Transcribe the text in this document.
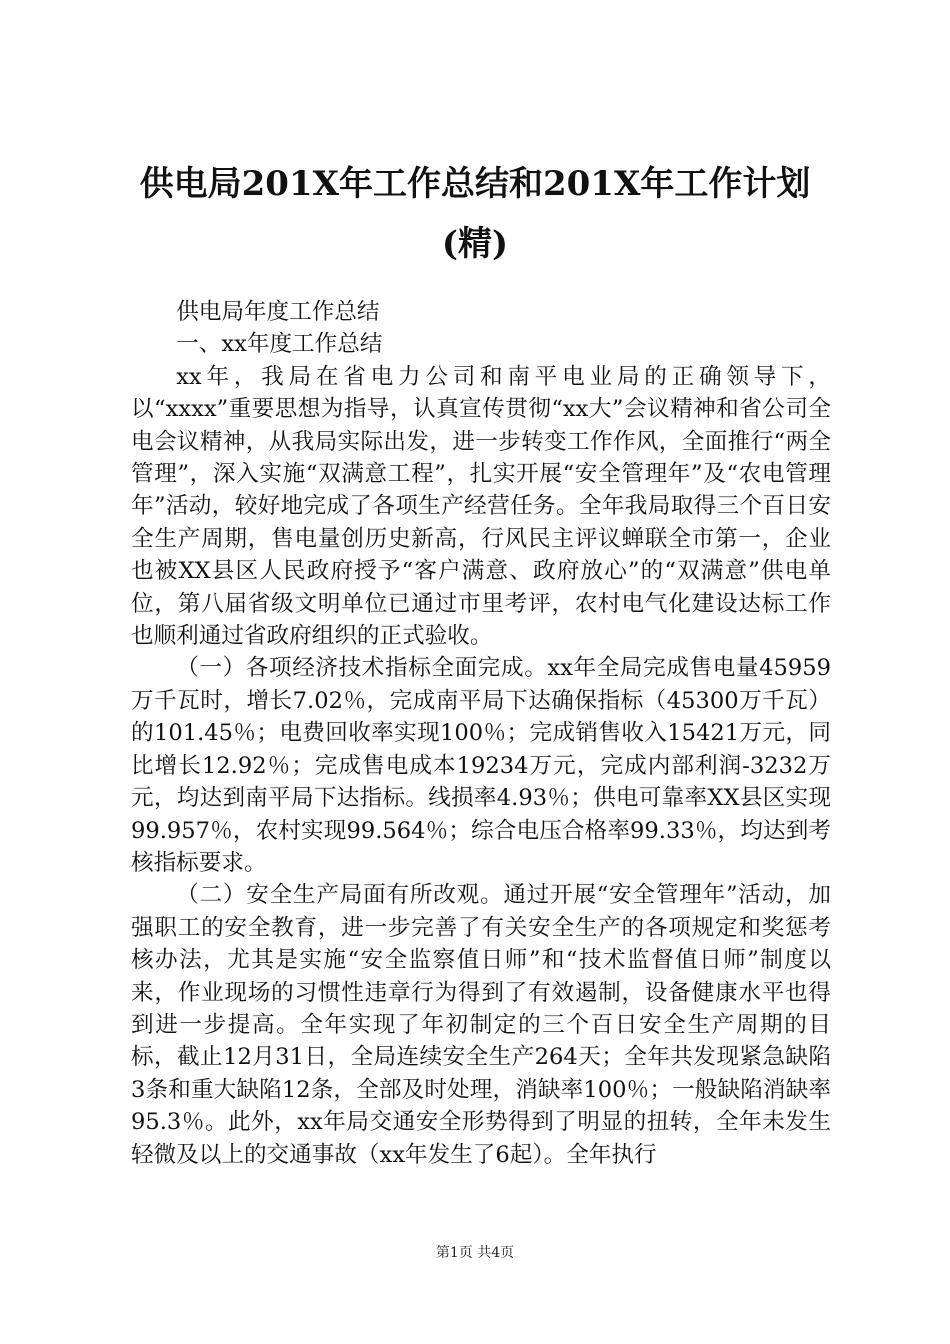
供电局201X年工作总结和201X年工作计划
(精)

供电局年度工作总结

一、xx年度工作总结

xx年，我局在省电力公司和南平电业局的正确领导下，以“xxxx”重要思想为指导，认真宣传贯彻“xx大”会议精神和省公司全电会议精神，从我局实际出发，进一步转变工作作风，全面推行“两全管理”，深入实施“双满意工程”，扎实开展“安全管理年”及“农电管理年”活动，较好地完成了各项生产经营任务。全年我局取得三个百日安全生产周期，售电量创历史新高，行风民主评议蝉联全市第一，企业也被XX县区人民政府授予“客户满意、政府放心”的“双满意”供电单位，第八届省级文明单位已通过市里考评，农村电气化建设达标工作也顺利通过省政府组织的正式验收。

（一）各项经济技术指标全面完成。xx年全局完成售电量45959万千瓦时，增长7.02％，完成南平局下达确保指标（45300万千瓦）的101.45％；电费回收率实现100％；完成销售收入15421万元，同比增长12.92％；完成售电成本19234万元，完成内部利润-3232万元，均达到南平局下达指标。线损率4.93％；供电可靠率XX县区实现99.957％，农村实现99.564％；综合电压合格率99.33％，均达到考核指标要求。

（二）安全生产局面有所改观。通过开展“安全管理年”活动，加强职工的安全教育，进一步完善了有关安全生产的各项规定和奖惩考核办法，尤其是实施“安全监察值日师”和“技术监督值日师”制度以来，作业现场的习惯性违章行为得到了有效遏制，设备健康水平也得到进一步提高。全年实现了年初制定的三个百日安全生产周期的目标，截止12月31日，全局连续安全生产264天；全年共发现紧急缺陷3条和重大缺陷12条，全部及时处理，消缺率100％；一般缺陷消缺率95.3％。此外，xx年局交通安全形势得到了明显的扭转，全年未发生轻微及以上的交通事故（xx年发生了6起）。全年执行

第1页 共4页
